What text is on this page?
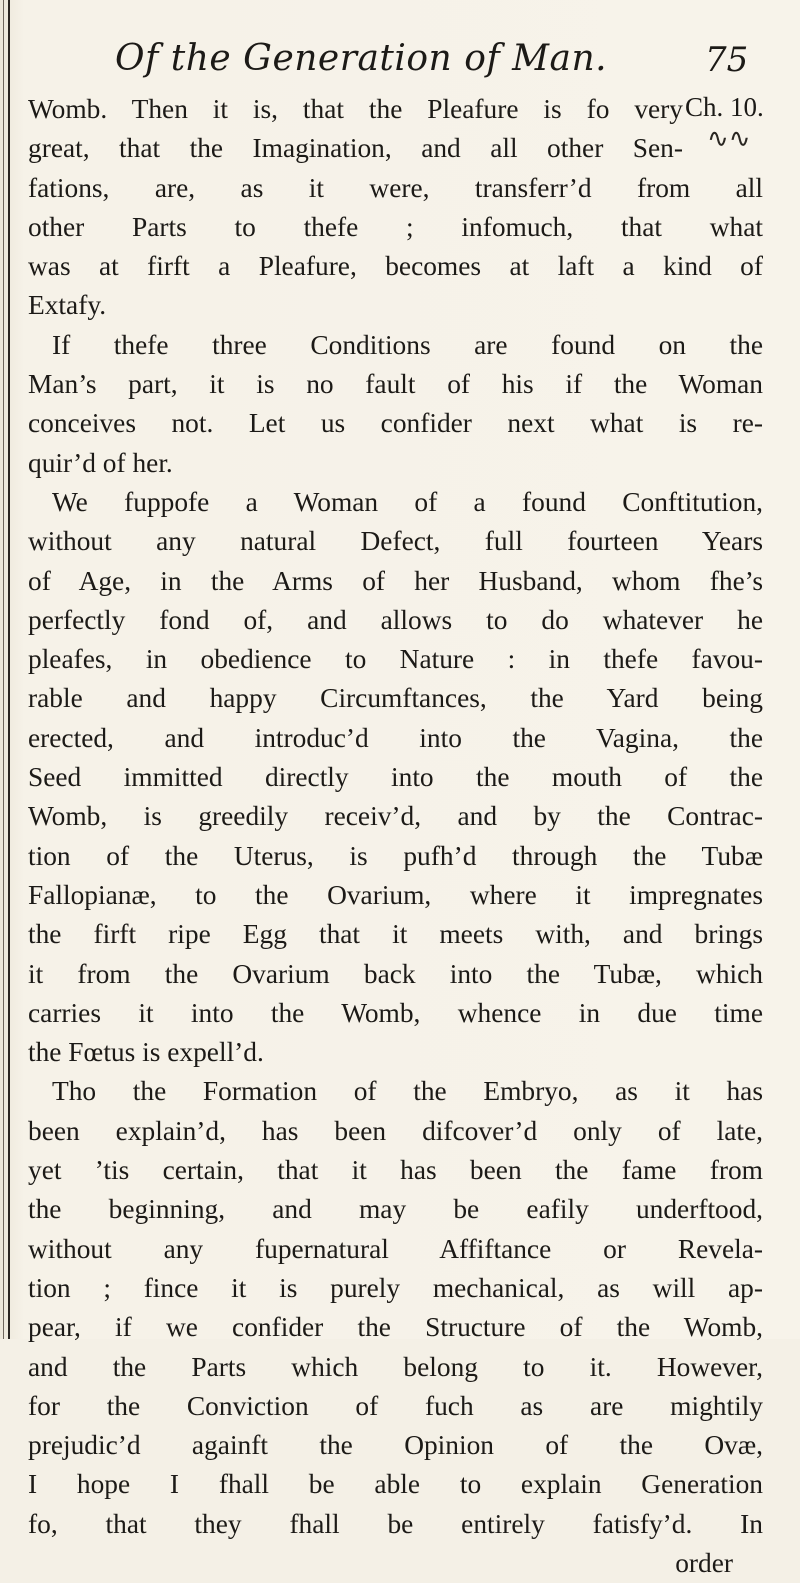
Of the Generation of Man.	75
Ch. 10.
∿∿
Womb. Then it is, that the Pleafure is fo very
great, that the Imagination, and all other Sen-
fations, are, as it were, transferr’d from all
other Parts to thefe ; infomuch, that what
was at firft a Pleafure, becomes at laft a kind of
Extafy.
If thefe three Conditions are found on the
Man’s part, it is no fault of his if the Woman
conceives not. Let us confider next what is re-
quir’d of her.
We fuppofe a Woman of a found Conftitution,
without any natural Defect, full fourteen Years
of Age, in the Arms of her Husband, whom fhe’s
perfectly fond of, and allows to do whatever he
pleafes, in obedience to Nature : in thefe favou-
rable and happy Circumftances, the Yard being
erected, and introduc’d into the Vagina, the
Seed immitted directly into the mouth of the
Womb, is greedily receiv’d, and by the Contrac-
tion of the Uterus, is pufh’d through the Tubæ
Fallopianæ, to the Ovarium, where it impregnates
the firft ripe Egg that it meets with, and brings
it from the Ovarium back into the Tubæ, which
carries it into the Womb, whence in due time
the Fœtus is expell’d.
Tho the Formation of the Embryo, as it has
been explain’d, has been difcover’d only of late,
yet ’tis certain, that it has been the fame from
the beginning, and may be eafily underftood,
without any fupernatural Affiftance or Revela-
tion ; fince it is purely mechanical, as will ap-
pear, if we confider the Structure of the Womb,
and the Parts which belong to it. However,
for the Conviction of fuch as are mightily
prejudic’d againft the Opinion of the Ovæ,
I hope I fhall be able to explain Generation
fo, that they fhall be entirely fatisfy’d. In
order
